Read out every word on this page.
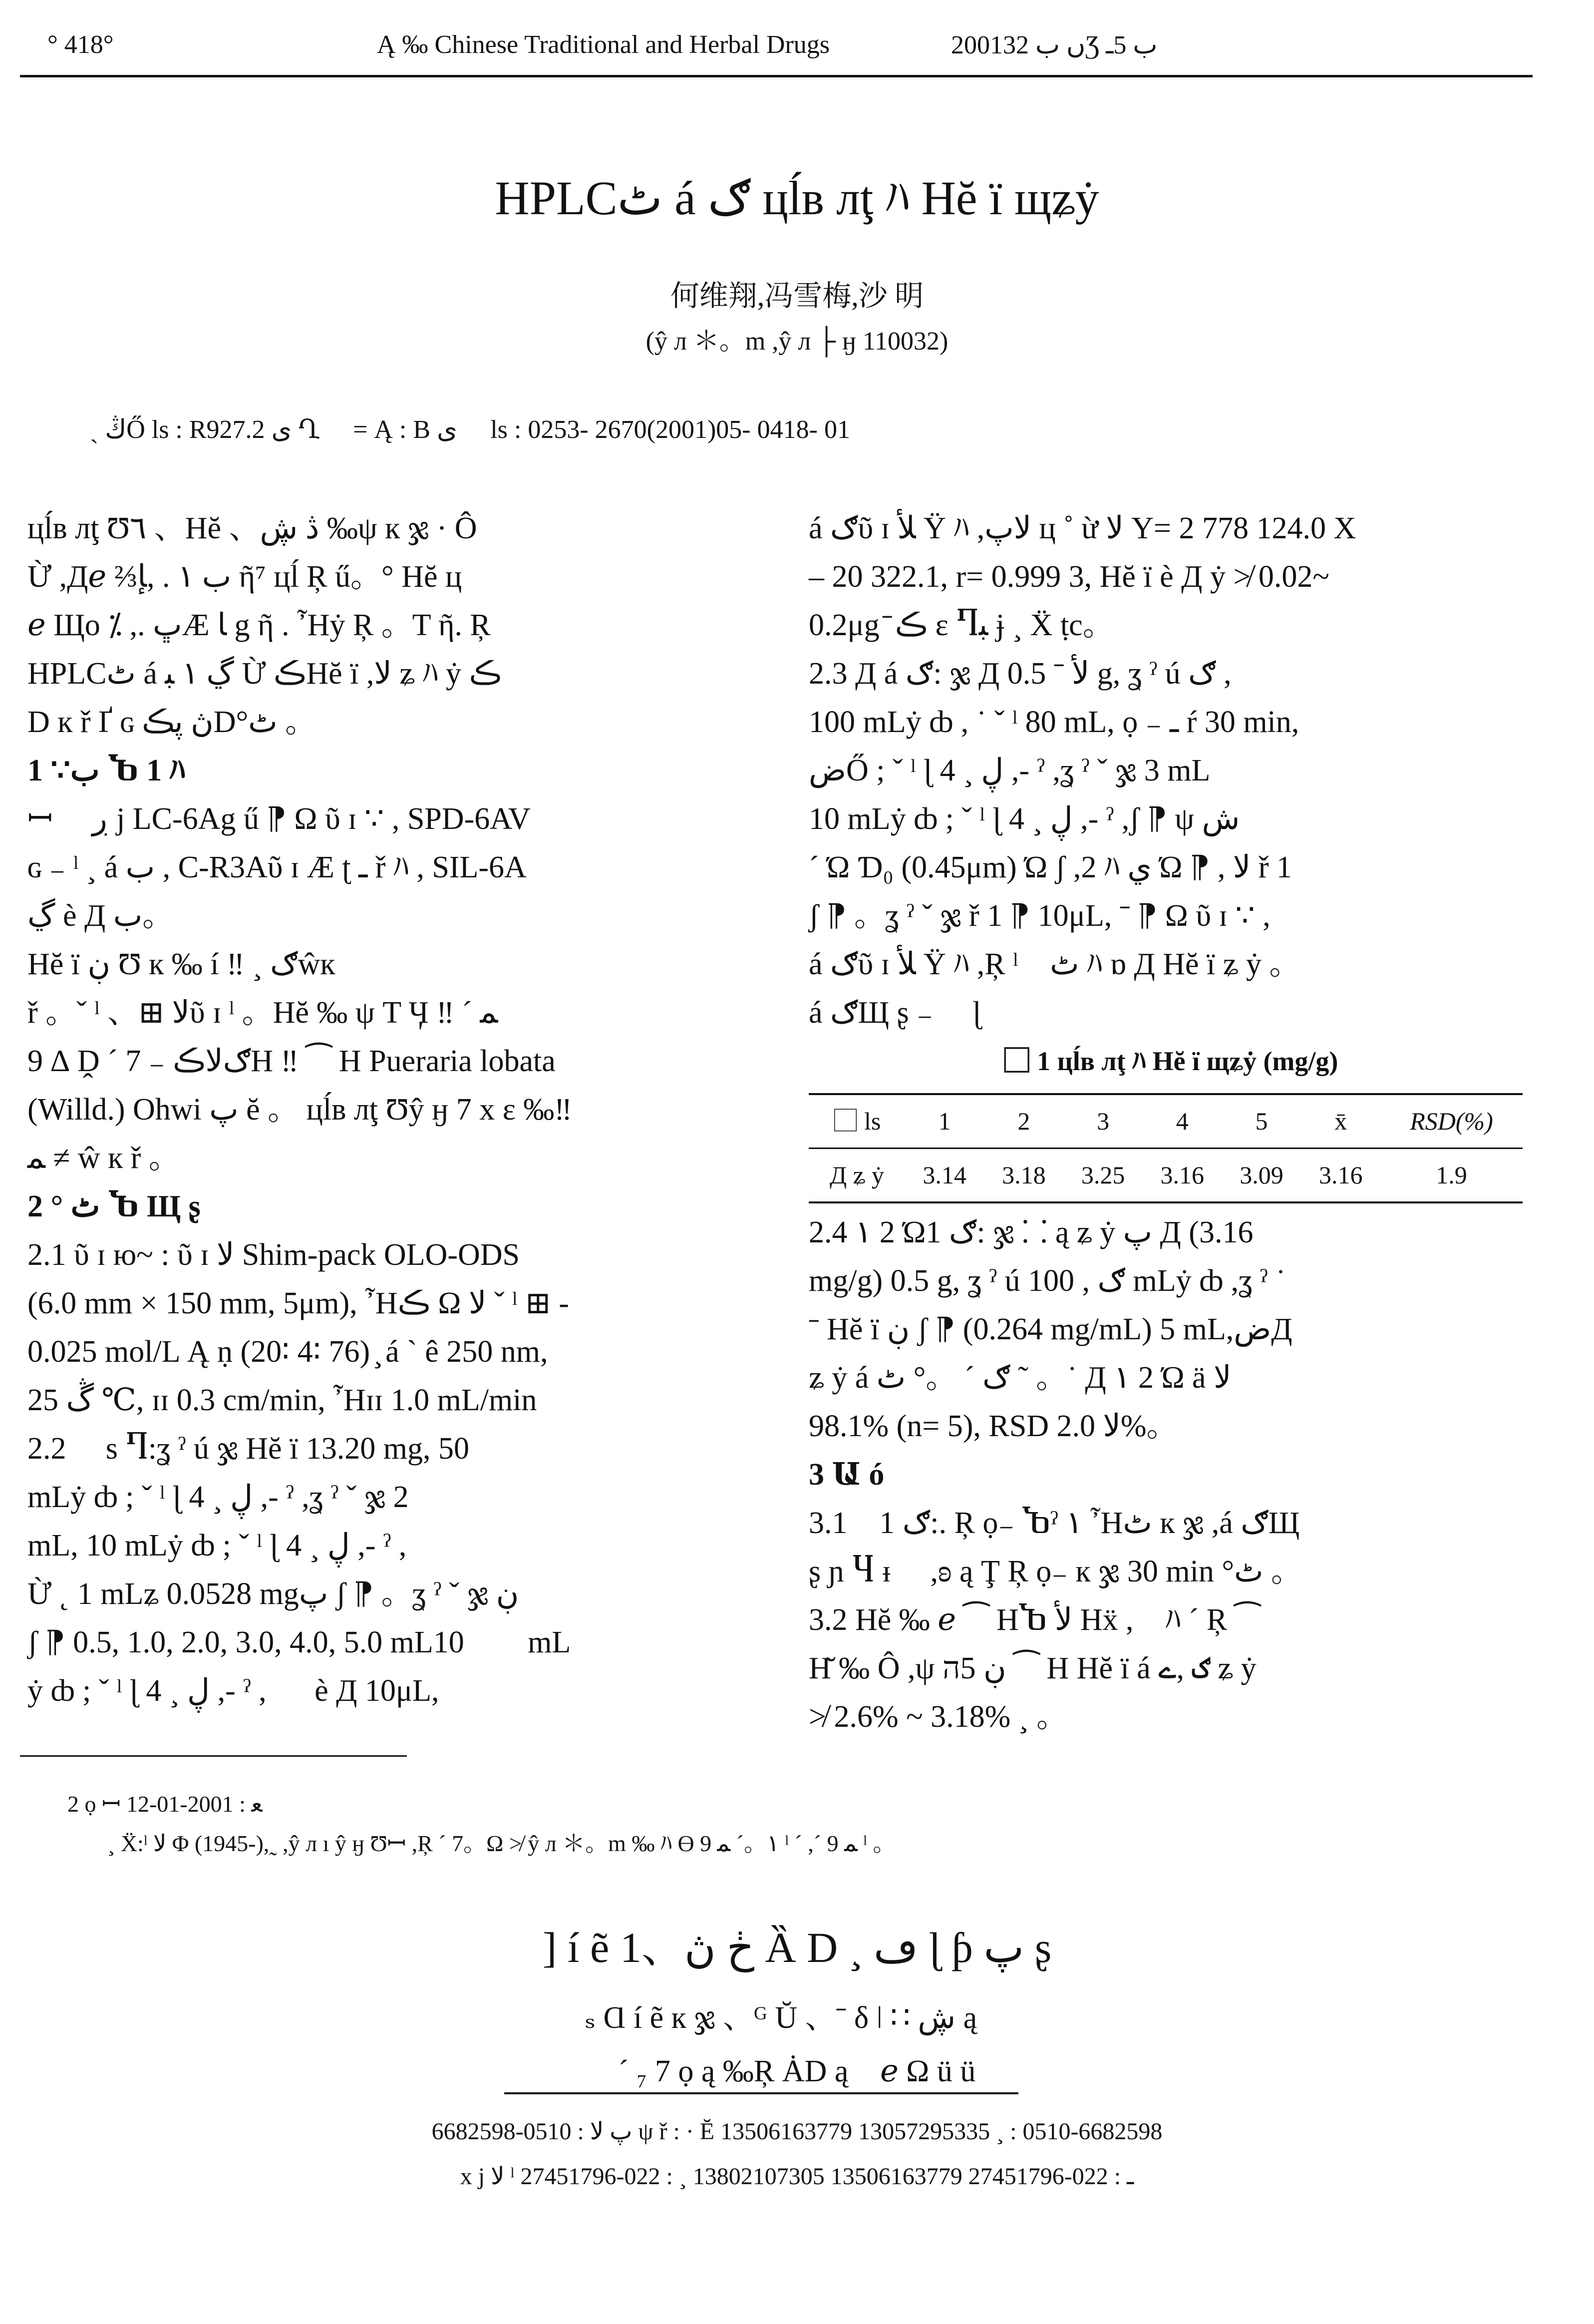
° 418°	Ą ‰ Chinese Traditional and Herbal Drugs	2001ں ب 32Ʒ ب 5ـ
HPLCٹ á ګ цĺв лţ ﾊ Нĕ ï щʑẏ
何维翔,冯雪梅,沙 明
(ŷ л ＊。m ,ŷ л ├ ӈ 110032)
ˎ ڭŐ ls : R927.2 ى Ղ ⃞ = Ą : B ى ⃞ ls : 0253- 2670(2001)05- 0418- 01

цĺв лţ Ʊ٦ 、Нĕ 、ڎ ڜ ‰ψ к ჯ · Ô

Ừ ,Дℯ ⅔ب ١ . ,ﺈ ῆ⁷ цĺ Ŗ ű。° Нĕ ц

ℯ Що ⁒ ,. ڀÆ ﺎ g ῆ . ῏Нẏ Ŗ 。T ῆ. Ŗ

HPLCٹ á ڲ ١ ﺒ Ừ ڪНĕ ï ,ﻻ ʑ ﾊ ẏ ڪ

D к ř Ґ ɢ ڽ ڽڪD°ٹ 。

1 ∵ب Ⴆ 1 ﾊ

ꟷ ⃞ ڔ ј LC-6Ag ű ⁋ Ω ῦ ɪ ∵ , SPD-6AV

ɢ ₋ ˡ ¸ á ب , C-R3Aῦ ɪ Æ ʈ ـ ř ﾊ , SIL-6A

ڲ è Д ب。

Нĕ ï ڹ Ʊ к ‰ í ‼ ¸ ګŵк

ř 。ˇ ˡ 、⊞ ﻻῦ ɪ ˡ 。Нĕ ‰ ψ T Ӌ ‼ ˊ ﻤ

9 ∆ Ḓ ´ 7 ₋ ګﻻڪН ‼ ⁀ Н Pueraria lobata

(Willd.) Ohwi پ ĕ 。 цĺв лţ Ʊŷ ӈ 7 х ε ‰‼

ﻤ ≠ ŵ к ř 。

2 ° ٹ Ⴆ Щ ʂ

2.1 ῦ ɪ ю~ : ῦ ɪ ﻻ Shim-pack OLO-ODS

(6.0 mm × 150 mm, 5μm), ῏Нڪ Ω ﻻ ˇ ˡ ⊞ -

0.025 mol/L Ą ṇ (20∶ 4∶ 76) ̧ á ˋ ê 250 nm,

ڴ 25 ℃, ɪɪ 0.3 cm/min, ῏Нɪɪ 1.0 mL/min

2.2 ⃞ s Ⴄ:ʓ ˀ ú ჯ Нĕ ï 13.20 mg, 50

mLẏ ȸ ; ˇ ˡ ɭ 4 ¸ ڸ ,- ˀ ,ʓ ˀ ˇ ჯ 2

mL, 10 mLẏ ȸ ; ˇ ˡ ɭ 4 ¸ ڸ ,- ˀ ,

Ừ ˛ 1 mLʑ 0.0528 mgپ ʃ ⁋ 。ʓ ˀ ˇ ჯ ڹ

ʃ ⁋ 0.5, 1.0, 2.0, 3.0, 4.0, 5.0 mLڪ⃞ 10 mL

ẏ ȸ ; ˇ ˡ ɭ 4 ¸ ڸ ,- ˀ ,ڪ⃞è Д 10μL,

á ګῦ ɪ ﻸ Ÿ ﾊ ,ﻻپ ц ˚ ừ ﻻ Y= 2 778 124.0 X

– 20 322.1, r= 0.999 3, Нĕ ï è Д ẏ ≯ 0.02~

0.2μg ̄ ڪ ɛ Ⴄﺒ ɉ ¸ Ẍ ṭc。

2.3 Д á ګ: ჯ Д ﻷ ˉ 0.5 g, ʓ ˀ ú ګ ,

100 mLẏ ȸ , ˙ ˇ ˡ 80 mL, ọ ₋ ـ ŕ 30 min,

ضŐ ; ˇ ˡ ɭ 4 ¸ ڸ ,- ˀ ,ʓ ˀ ˇ ჯ 3 mL

10 mLẏ ȸ ; ˇ ˡ ɭ 4 ¸ ڸ ,- ˀ ,ʃ ⁋ ψ ش

ˊ Ώ Ɗ₀ (0.45μm) Ώ ʃ ,2 ﾊ ي Ώ ⁋ , ﻻ ř 1

ʃ ⁋ 。ʓ ˀ ˇ ჯ ř 1 ⁋ 10μL, ˉ ⁋ Ω ῦ ɪ ∵ ,

á ګῦ ɪ ﻸ Ÿ ﾊ ,Ŗ ˡ ⃞ٹ ﾊ ɒ Д Нĕ ï ʑ ẏ 。

á ګЩ ʂ ₋ ⃞ ɭ

⃞ 1 цĺв лţ ﾊ Нĕ ï щʑẏ (mg/g)

⃞ ls	1	2	3	4	5	x̄	RSD(%)
Д ʑ ẏ	3.14	3.18	3.25	3.16	3.09	3.16	1.9

2.4 ١ 2 Ώ1 ګ: ჯ ⸬ ą ʑ ẏ پ Д (3.16

mg/g) 0.5 g, ʓ ˀ ú ګ , 100 mLẏ ȸ ,ʓ ˀ ˙

ˉ Нĕ ï ڹ ʃ ⁋ (0.264 mg/mL) 5 mL,ضД

ʑ ẏ á ګ ˊ 。° ٹ ˜ 。˙ Д ١ 2 Ώ ä ﻻ

98.1% (n= 5), RSD ﻻ 2.0%。

3 Ա ó

3.1 ⃞1 ګ:. Ŗ ọ₋ Ⴆˀ ١ ῏Нٹ к ჯ ,á ګЩ

ʂ ɲ Ⴗ ᵻ ⃞ ,ʚ ą Ţ Ŗ ọ₋ к ჯ 30 min °ٹ 。

3.2 Нĕ ‰ ℯ ⁀ НႦ ﻷ Нẍ ,⃞ ﾊ ˊ Ŗ ⁀

Н̆ ‰ Ô ,ψ ڹ 5ה ⁀ Н Нĕ ï á ګ ,ے ʑ ẏ

≯ 2.6% ~ 3.18% ¸ 。

2 ọ ꟷ ﻌ : 2001-01-12
¸ Ẍ:ˡ ﻻ Φ (1945-),˷ ,ŷ л ı ŷ ӈ Ʊꟷ ,Ŗ ˊ 7。Ω ≯ ŷ л ＊。m ‰ ﾊ ϴ ١。ˊ ﻤ 9 ˡ ˊ ,ˊ ﻤ 9 ˡ 。
] í ẽ 1、ڂ ڽ Ȁ D ¸ ڡ ɭ ƥ پ ʂ
ₛ Ɑ í ẽ к ჯ 、ᴳ Ŭ 、ˉ δ ǀ ∷ ڜ ą ⃞
ˊ ₇ 7 ọ ą ‰Ŗ ȦD ą ⃞ℯ Ω ü ü
پ ﻻ : 0510-6682598 ψ ř : · Ĕ 13506163779 13057295335 ¸ : 0510-6682598
x j ﻻ ˡ ـ : 022-27451796 13506163779 13802107305 ¸ : 022-27451796
